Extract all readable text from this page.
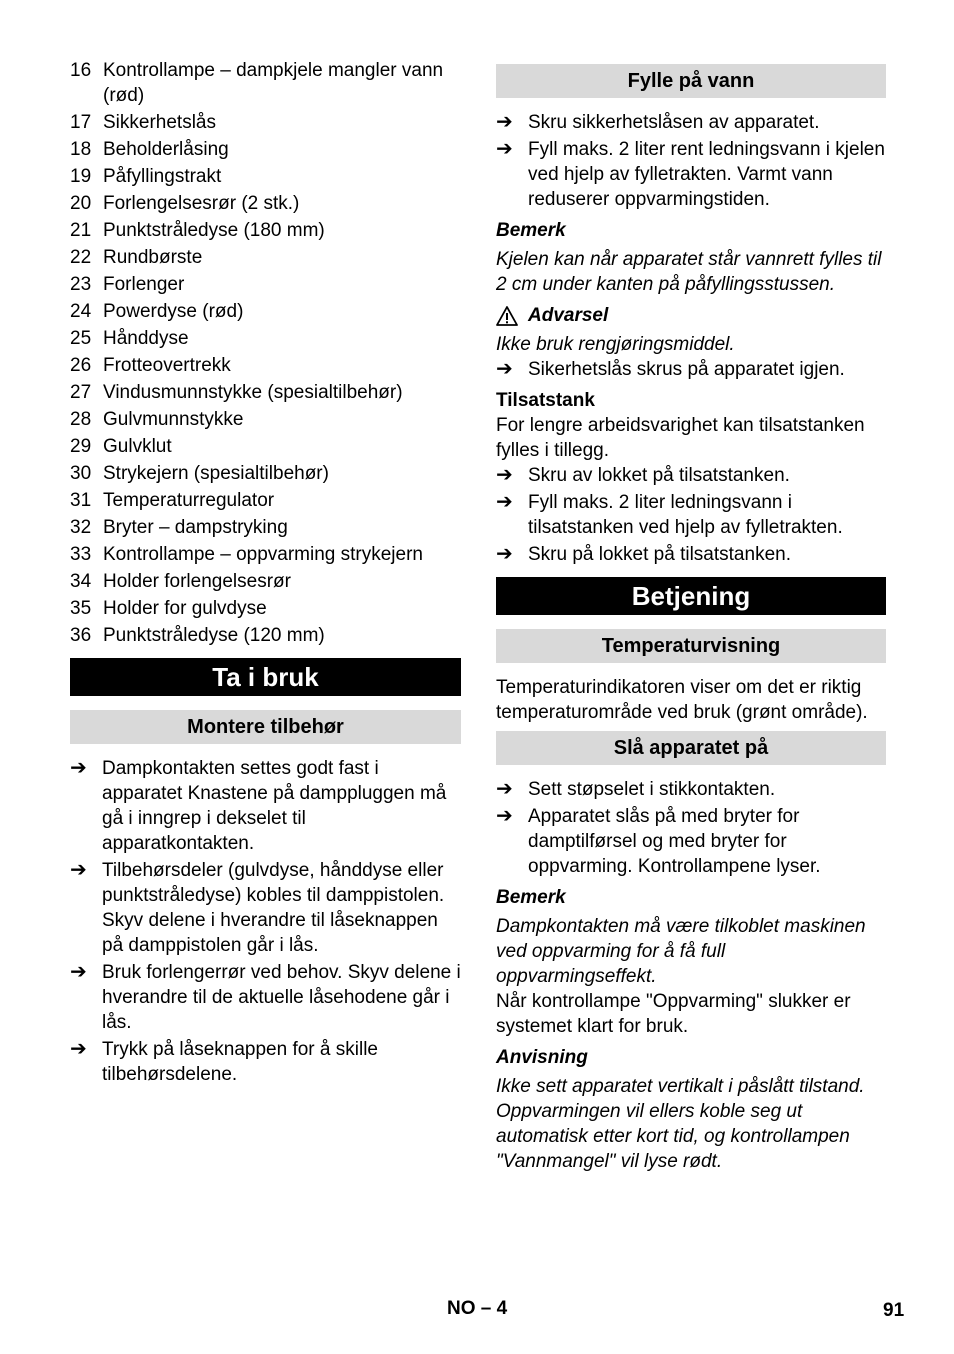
16 Kontrollampe – dampkjele mangler vann (rød)
17 Sikkerhetslås
18 Beholderlåsing
19 Påfyllingstrakt
20 Forlengelsesrør (2 stk.)
21 Punktstråledyse (180 mm)
22 Rundbørste
23 Forlenger
24 Powerdyse (rød)
25 Hånddyse
26 Frotteovertrekk
27 Vindusmunnstykke (spesialtilbehør)
28 Gulvmunnstykke
29 Gulvklut
30 Strykejern (spesialtilbehør)
31 Temperaturregulator
32 Bryter – dampstryking
33 Kontrollampe – oppvarming strykejern
34 Holder forlengelsesrør
35 Holder for gulvdyse
36 Punktstråledyse (120 mm)
Ta i bruk
Montere tilbehør
➔ Dampkontakten settes godt fast i apparatet Knastene på damppluggen må gå i inngrep i dekselet til apparatkontakten.
➔ Tilbehørsdeler (gulvdyse, hånddyse eller punktstråledyse) kobles til damppistolen. Skyv delene i hverandre til låseknappen på damppistolen går i lås.
➔ Bruk forlengerrør ved behov. Skyv delene i hverandre til de aktuelle låsehodene går i lås.
➔ Trykk på låseknappen for å skille tilbehørsdelene.
Fylle på vann
➔ Skru sikkerhetslåsen av apparatet.
➔ Fyll maks. 2 liter rent ledningsvann i kjelen ved hjelp av fylletrakten. Varmt vann reduserer oppvarmingstiden.
Bemerk
Kjelen kan når apparatet står vannrett fylles til 2 cm under kanten på påfyllingsstussen.
Advarsel
Ikke bruk rengjøringsmiddel.
➔ Sikerhetslås skrus på apparatet igjen.
Tilsatstank
For lengre arbeidsvarighet kan tilsatstanken fylles i tillegg.
➔ Skru av lokket på tilsatstanken.
➔ Fyll maks. 2 liter ledningsvann i tilsatstanken ved hjelp av fylletrakten.
➔ Skru på lokket på tilsatstanken.
Betjening
Temperaturvisning
Temperaturindikatoren viser om det er riktig temperaturområde ved bruk (grønt område).
Slå apparatet på
➔ Sett støpselet i stikkontakten.
➔ Apparatet slås på med bryter for damptilførsel og med bryter for oppvarming. Kontrollampene lyser.
Bemerk
Dampkontakten må være tilkoblet maskinen ved oppvarming for å få full oppvarmingseffekt.
Når kontrollampe "Oppvarming" slukker er systemet klart for bruk.
Anvisning
Ikke sett apparatet vertikalt i påslått tilstand. Oppvarmingen vil ellers koble seg ut automatisk etter kort tid, og kontrollampen "Vannmangel" vil lyse rødt.
NO – 4	91
